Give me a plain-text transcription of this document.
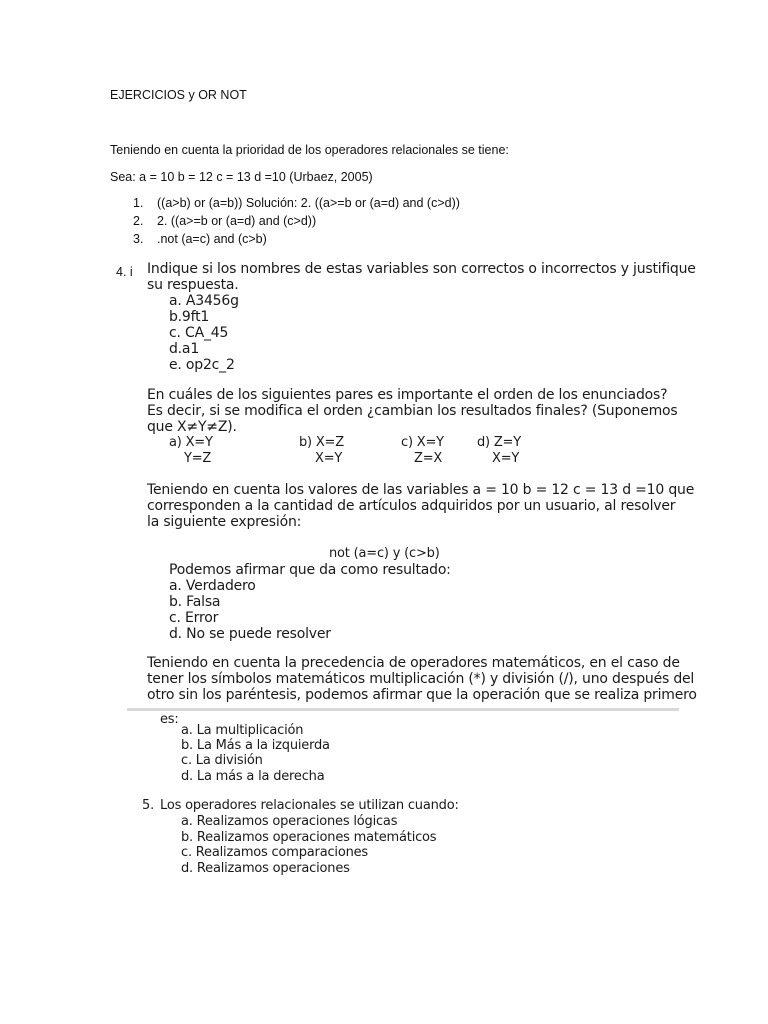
EJERCICIOS y OR NOT
Teniendo en cuenta la prioridad de los operadores relacionales se tiene:
Sea: a = 10 b = 12 c = 13 d =10 (Urbaez, 2005)
1. ((a>b) or (a=b)) Solución: 2. ((a>=b or (a=d) and (c>d))
2. 2. ((a>=b or (a=d) and (c>d))
3. .not (a=c) and (c>b)
4. i Indique si los nombres de estas variables son correctos o incorrectos y justifique
su respuesta.
a. A3456g
b.9ft1
c. CA_45
d.a1
e. op2c_2
En cuáles de los siguientes pares es importante el orden de los enunciados?
Es decir, si se modifica el orden ¿cambian los resultados finales? (Suponemos
que X≠Y≠Z).
a) X=Y
Y=Z
b) X=Z
X=Y
c) X=Y
Z=X
d) Z=Y
X=Y
Teniendo en cuenta los valores de las variables a = 10 b = 12 c = 13 d =10 que
corresponden a la cantidad de artículos adquiridos por un usuario, al resolver
la siguiente expresión:
not (a=c) y (c>b)
Podemos afirmar que da como resultado:
a. Verdadero
b. Falsa
c. Error
d. No se puede resolver
Teniendo en cuenta la precedencia de operadores matemáticos, en el caso de
tener los símbolos matemáticos multiplicación (*) y división (/), uno después del
otro sin los paréntesis, podemos afirmar que la operación que se realiza primero
es:
a. La multiplicación
b. La Más a la izquierda
c. La división
d. La más a la derecha
5. Los operadores relacionales se utilizan cuando:
a. Realizamos operaciones lógicas
b. Realizamos operaciones matemáticos
c. Realizamos comparaciones
d. Realizamos operaciones
